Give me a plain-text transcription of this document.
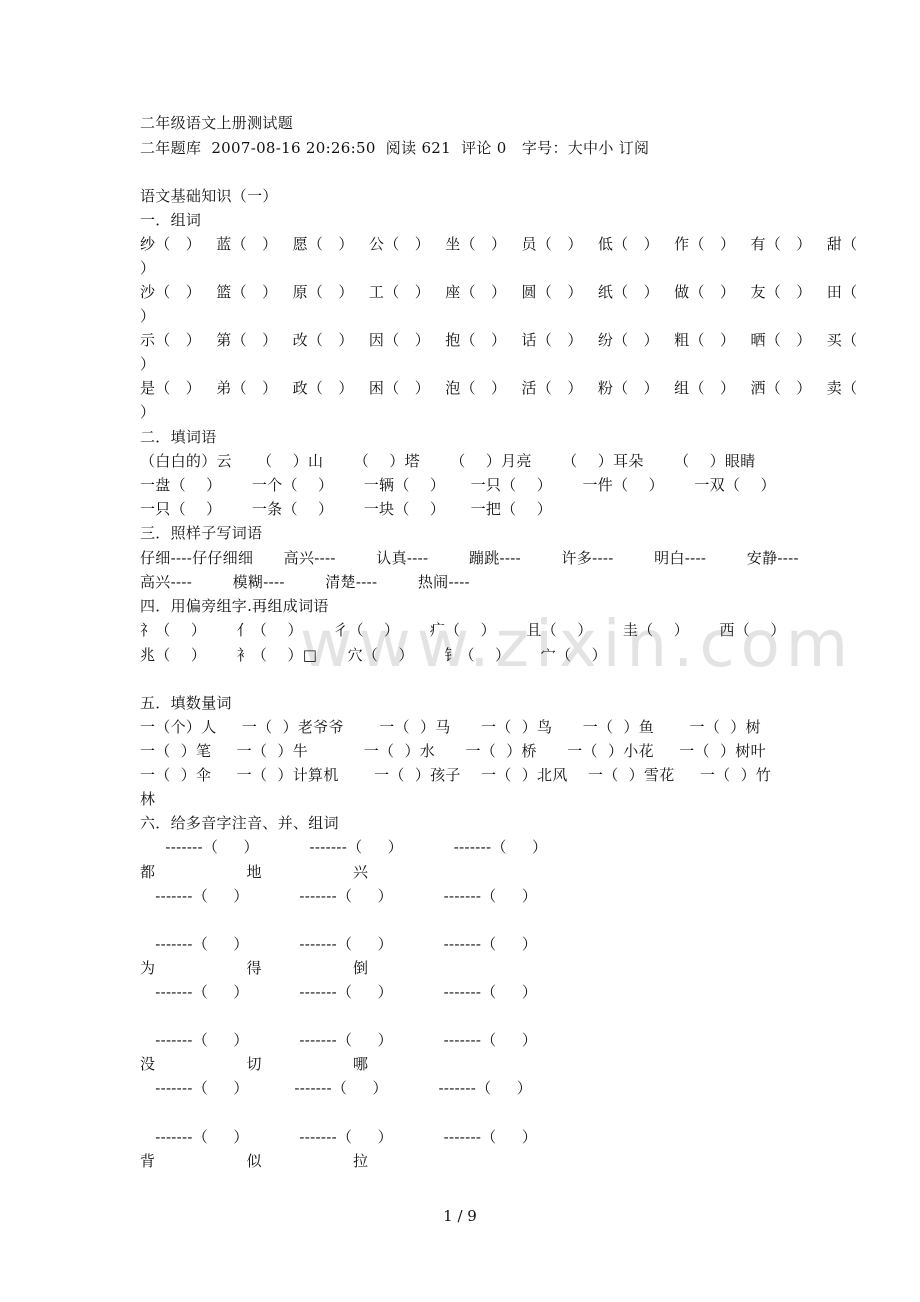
www. zixin .com
二年级语文上册测试题
二年题库  2007-08-16 20:26:50  阅读 621  评论 0   字号：大中小 订阅
语文基础知识（一）
一．组词
纱（   ）   蓝（   ）   愿（   ）   公（   ）   坐（   ）   员（   ）   低（   ）   作（   ）   有（   ）   甜（
）
沙（   ）   篮（   ）   原（   ）   工（   ）   座（   ）   圆（   ）   纸（   ）   做（   ）   友（   ）   田（
）
示（   ）   第（   ）   改（   ）   因（   ）   抱（   ）   话（   ）   纷（   ）   粗（   ）   晒（   ）   买（
）
是（   ）   弟（   ）   政（   ）   困（   ）   泡（   ）   活（   ）   粉（   ）   组（   ）   洒（   ）   卖（
）
二．填词语
（白白的）云     （    ）山      （    ）塔      （    ）月亮      （    ）耳朵      （    ）眼睛
一盘（    ）      一个（    ）      一辆（    ）     一只（    ）      一件（    ）      一双（    ）
一只（    ）      一条（    ）      一块（    ）     一把（    ）
三．照样子写词语
仔细----仔仔细细      高兴----        认真----        蹦跳----        许多----        明白----        安静----
高兴----        模糊----        清楚----        热闹----
四．用偏旁组字.再组成词语
礻（    ）      亻（    ）      彳（    ）      疒（    ）      且（    ）      圭（    ）      西（    ）
兆（    ）      衤（    ）□      穴（    ）      钅（    ）      宀（    ）
五．填数量词
一（个）人     一（  ）老爷爷       一（  ）马      一（  ）鸟      一（  ）鱼       一（  ）树
一（  ）笔     一（  ）牛           一（  ）水      一（  ）桥      一（  ）小花     一（  ）树叶
一（  ）伞     一（  ）计算机       一（  ）孩子    一（  ）北风    一（  ）雪花     一（  ）竹
林
六．给多音字注音、并、组词
-------（     ）          -------（     ）          -------（     ）
都                  地                  兴
-------（     ）          -------（     ）          -------（     ）
-------（     ）          -------（     ）          -------（     ）
为                  得                  倒
-------（     ）          -------（     ）          -------（     ）
-------（     ）          -------（     ）          -------（     ）
没                  切                  哪
-------（     ）         -------（     ）          -------（     ）
-------（     ）          -------（     ）          -------（     ）
背                  似                  拉
1 / 9
